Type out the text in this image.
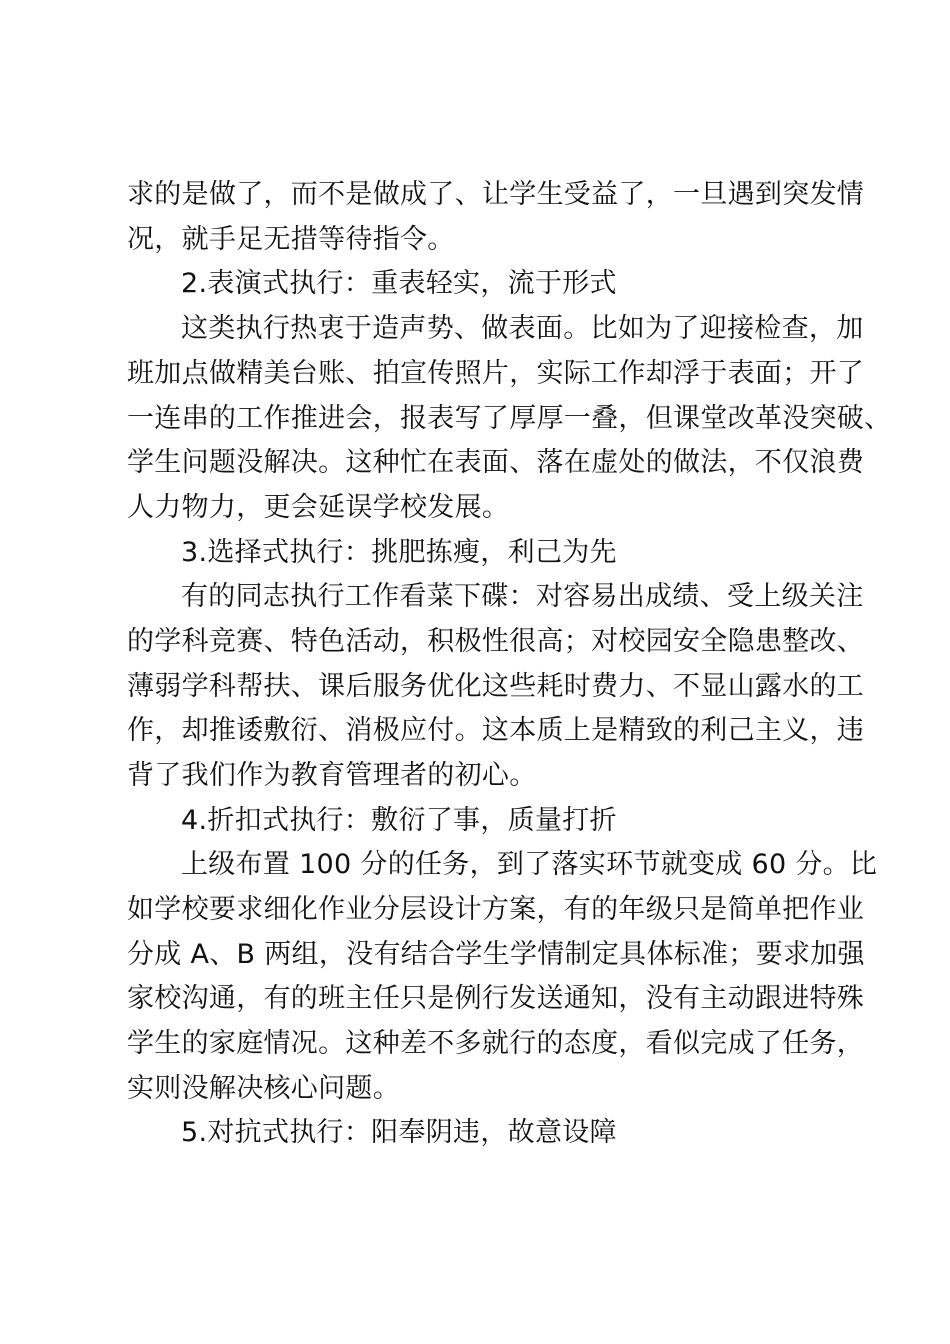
求的是做了，而不是做成了、让学生受益了，一旦遇到突发情
况，就手足无措等待指令。
2.表演式执行：重表轻实，流于形式
这类执行热衷于造声势、做表面。比如为了迎接检查，加
班加点做精美台账、拍宣传照片，实际工作却浮于表面；开了
一连串的工作推进会，报表写了厚厚一叠，但课堂改革没突破、
学生问题没解决。这种忙在表面、落在虚处的做法，不仅浪费
人力物力，更会延误学校发展。
3.选择式执行：挑肥拣瘦，利己为先
有的同志执行工作看菜下碟：对容易出成绩、受上级关注
的学科竞赛、特色活动，积极性很高；对校园安全隐患整改、
薄弱学科帮扶、课后服务优化这些耗时费力、不显山露水的工
作，却推诿敷衍、消极应付。这本质上是精致的利己主义，违
背了我们作为教育管理者的初心。
4.折扣式执行：敷衍了事，质量打折
上级布置 100 分的任务，到了落实环节就变成 60 分。比
如学校要求细化作业分层设计方案，有的年级只是简单把作业
分成 A、B 两组，没有结合学生学情制定具体标准；要求加强
家校沟通，有的班主任只是例行发送通知，没有主动跟进特殊
学生的家庭情况。这种差不多就行的态度，看似完成了任务，
实则没解决核心问题。
5.对抗式执行：阳奉阴违，故意设障
